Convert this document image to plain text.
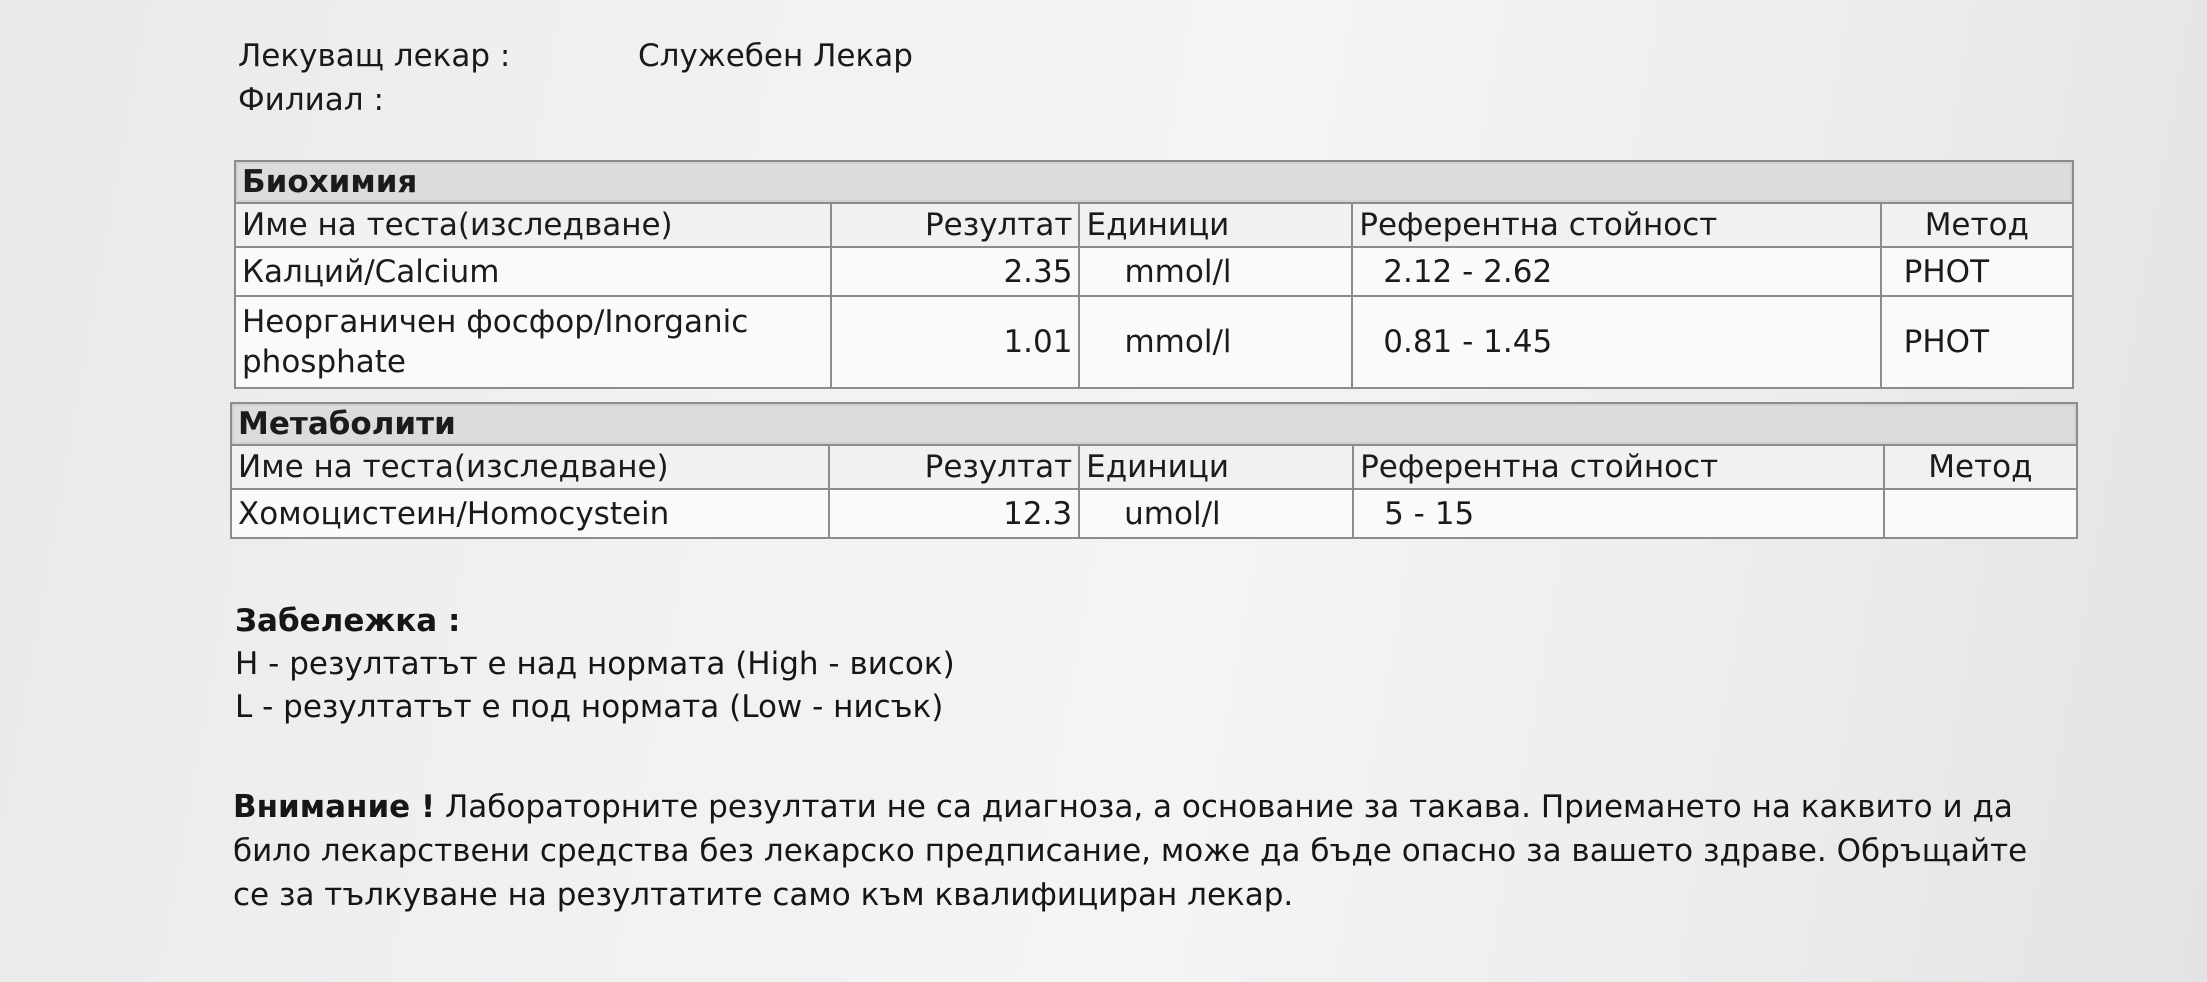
Лекуващ лекар :	Служебен Лекар
Филиал :
Биохимия				
Име на теста(изследване)	Резултат	Единици	Референтна стойност	Метод
Калций/Calcium	2.35	mmol/l	2.12 - 2.62	PHOT
Неорганичен фосфор/Inorganic phosphate	1.01	mmol/l	0.81 - 1.45	PHOT
Метаболити				
Име на теста(изследване)	Резултат	Единици	Референтна стойност	Метод
Хомоцистеин/Homocystein	12.3	umol/l	5 - 15	
Забележка :
H - резултатът е над нормата (High - висок)
L - резултатът е под нормата (Low - нисък)
Внимание ! Лабораторните резултати не са диагноза, а основание за такава. Приемането на каквито и да било лекарствени средства без лекарско предписание, може да бъде опасно за вашето здраве. Обръщайте се за тълкуване на резултатите само към квалифициран лекар.
